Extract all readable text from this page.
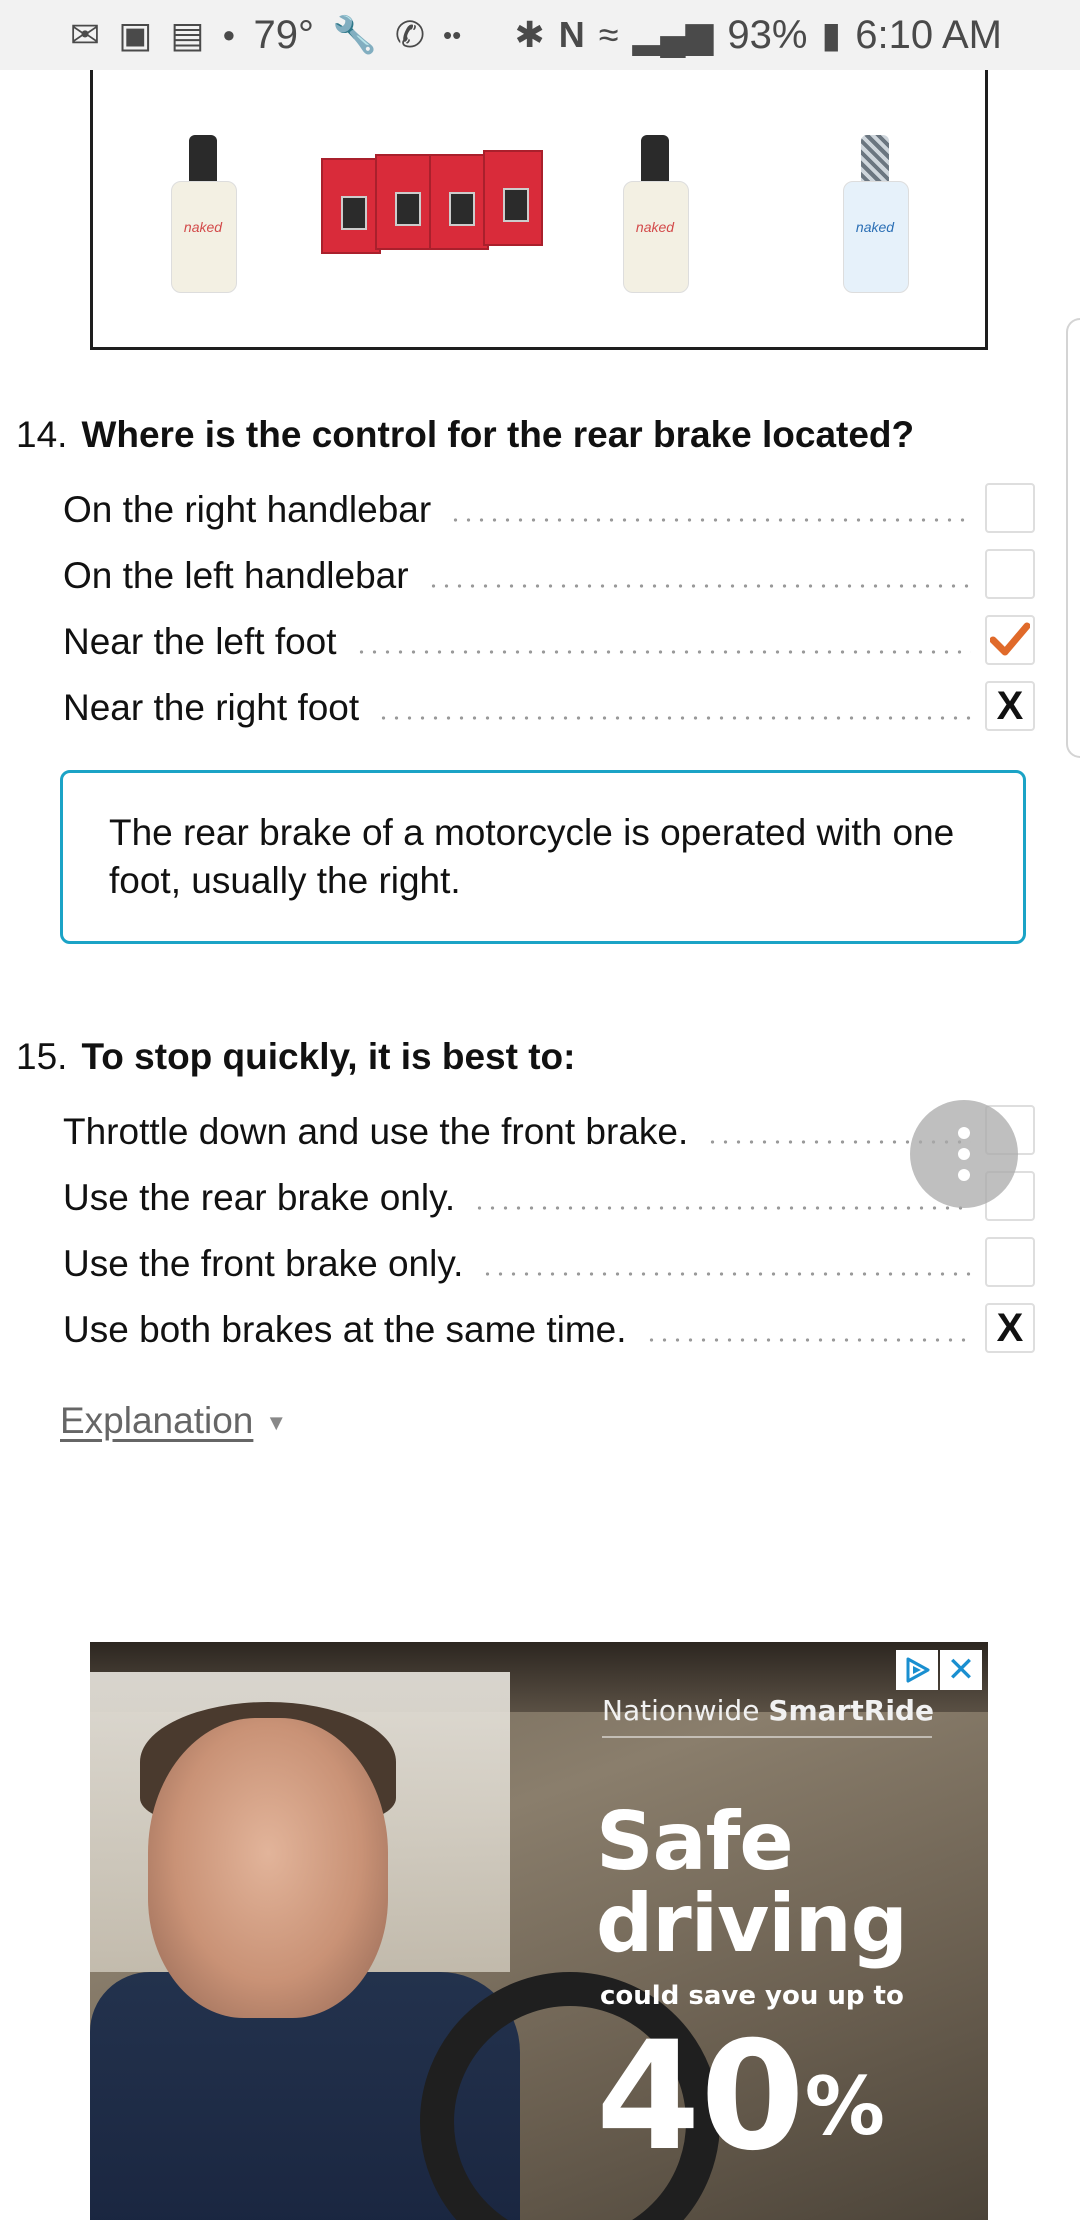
✉ ▣ ▤ ● 79° 🔧 ✆ •• ✱ N ≈ ▂▄▆ 93% ▮ 6:10 AM
naked	naked	naked
14. Where is the control for the rear brake located?
On the right handlebar
On the left handlebar
Near the left foot
Near the right foot	X
The rear brake of a motorcycle is operated with one foot, usually the right.
15. To stop quickly, it is best to:
Throttle down and use the front brake.
Use the rear brake only.
Use the front brake only.
Use both brakes at the same time.	X
Explanation ▼
Nationwide SmartRide
Safe
driving
could save you up to
40%
✕
